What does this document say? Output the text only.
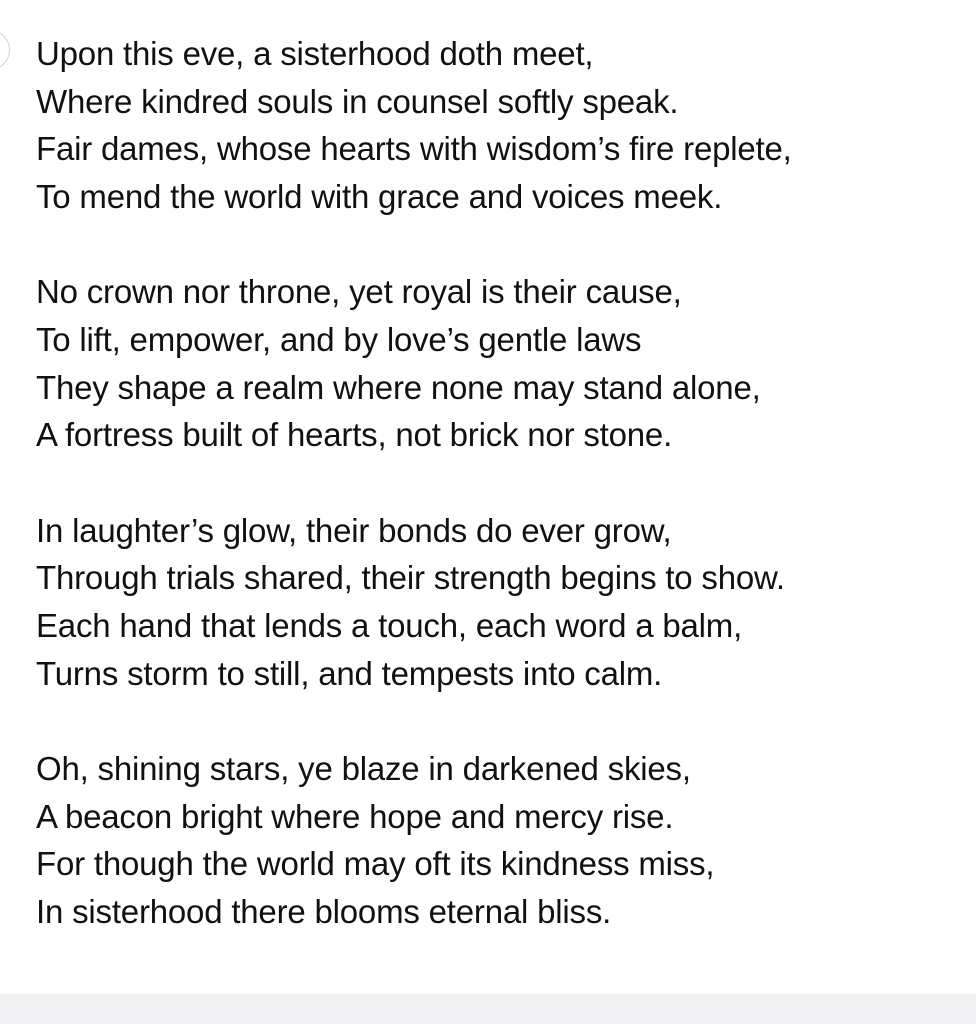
Upon this eve, a sisterhood doth meet,
Where kindred souls in counsel softly speak.
Fair dames, whose hearts with wisdom’s fire replete,
To mend the world with grace and voices meek.
No crown nor throne, yet royal is their cause,
To lift, empower, and by love’s gentle laws
They shape a realm where none may stand alone,
A fortress built of hearts, not brick nor stone.
In laughter’s glow, their bonds do ever grow,
Through trials shared, their strength begins to show.
Each hand that lends a touch, each word a balm,
Turns storm to still, and tempests into calm.
Oh, shining stars, ye blaze in darkened skies,
A beacon bright where hope and mercy rise.
For though the world may oft its kindness miss,
In sisterhood there blooms eternal bliss.
